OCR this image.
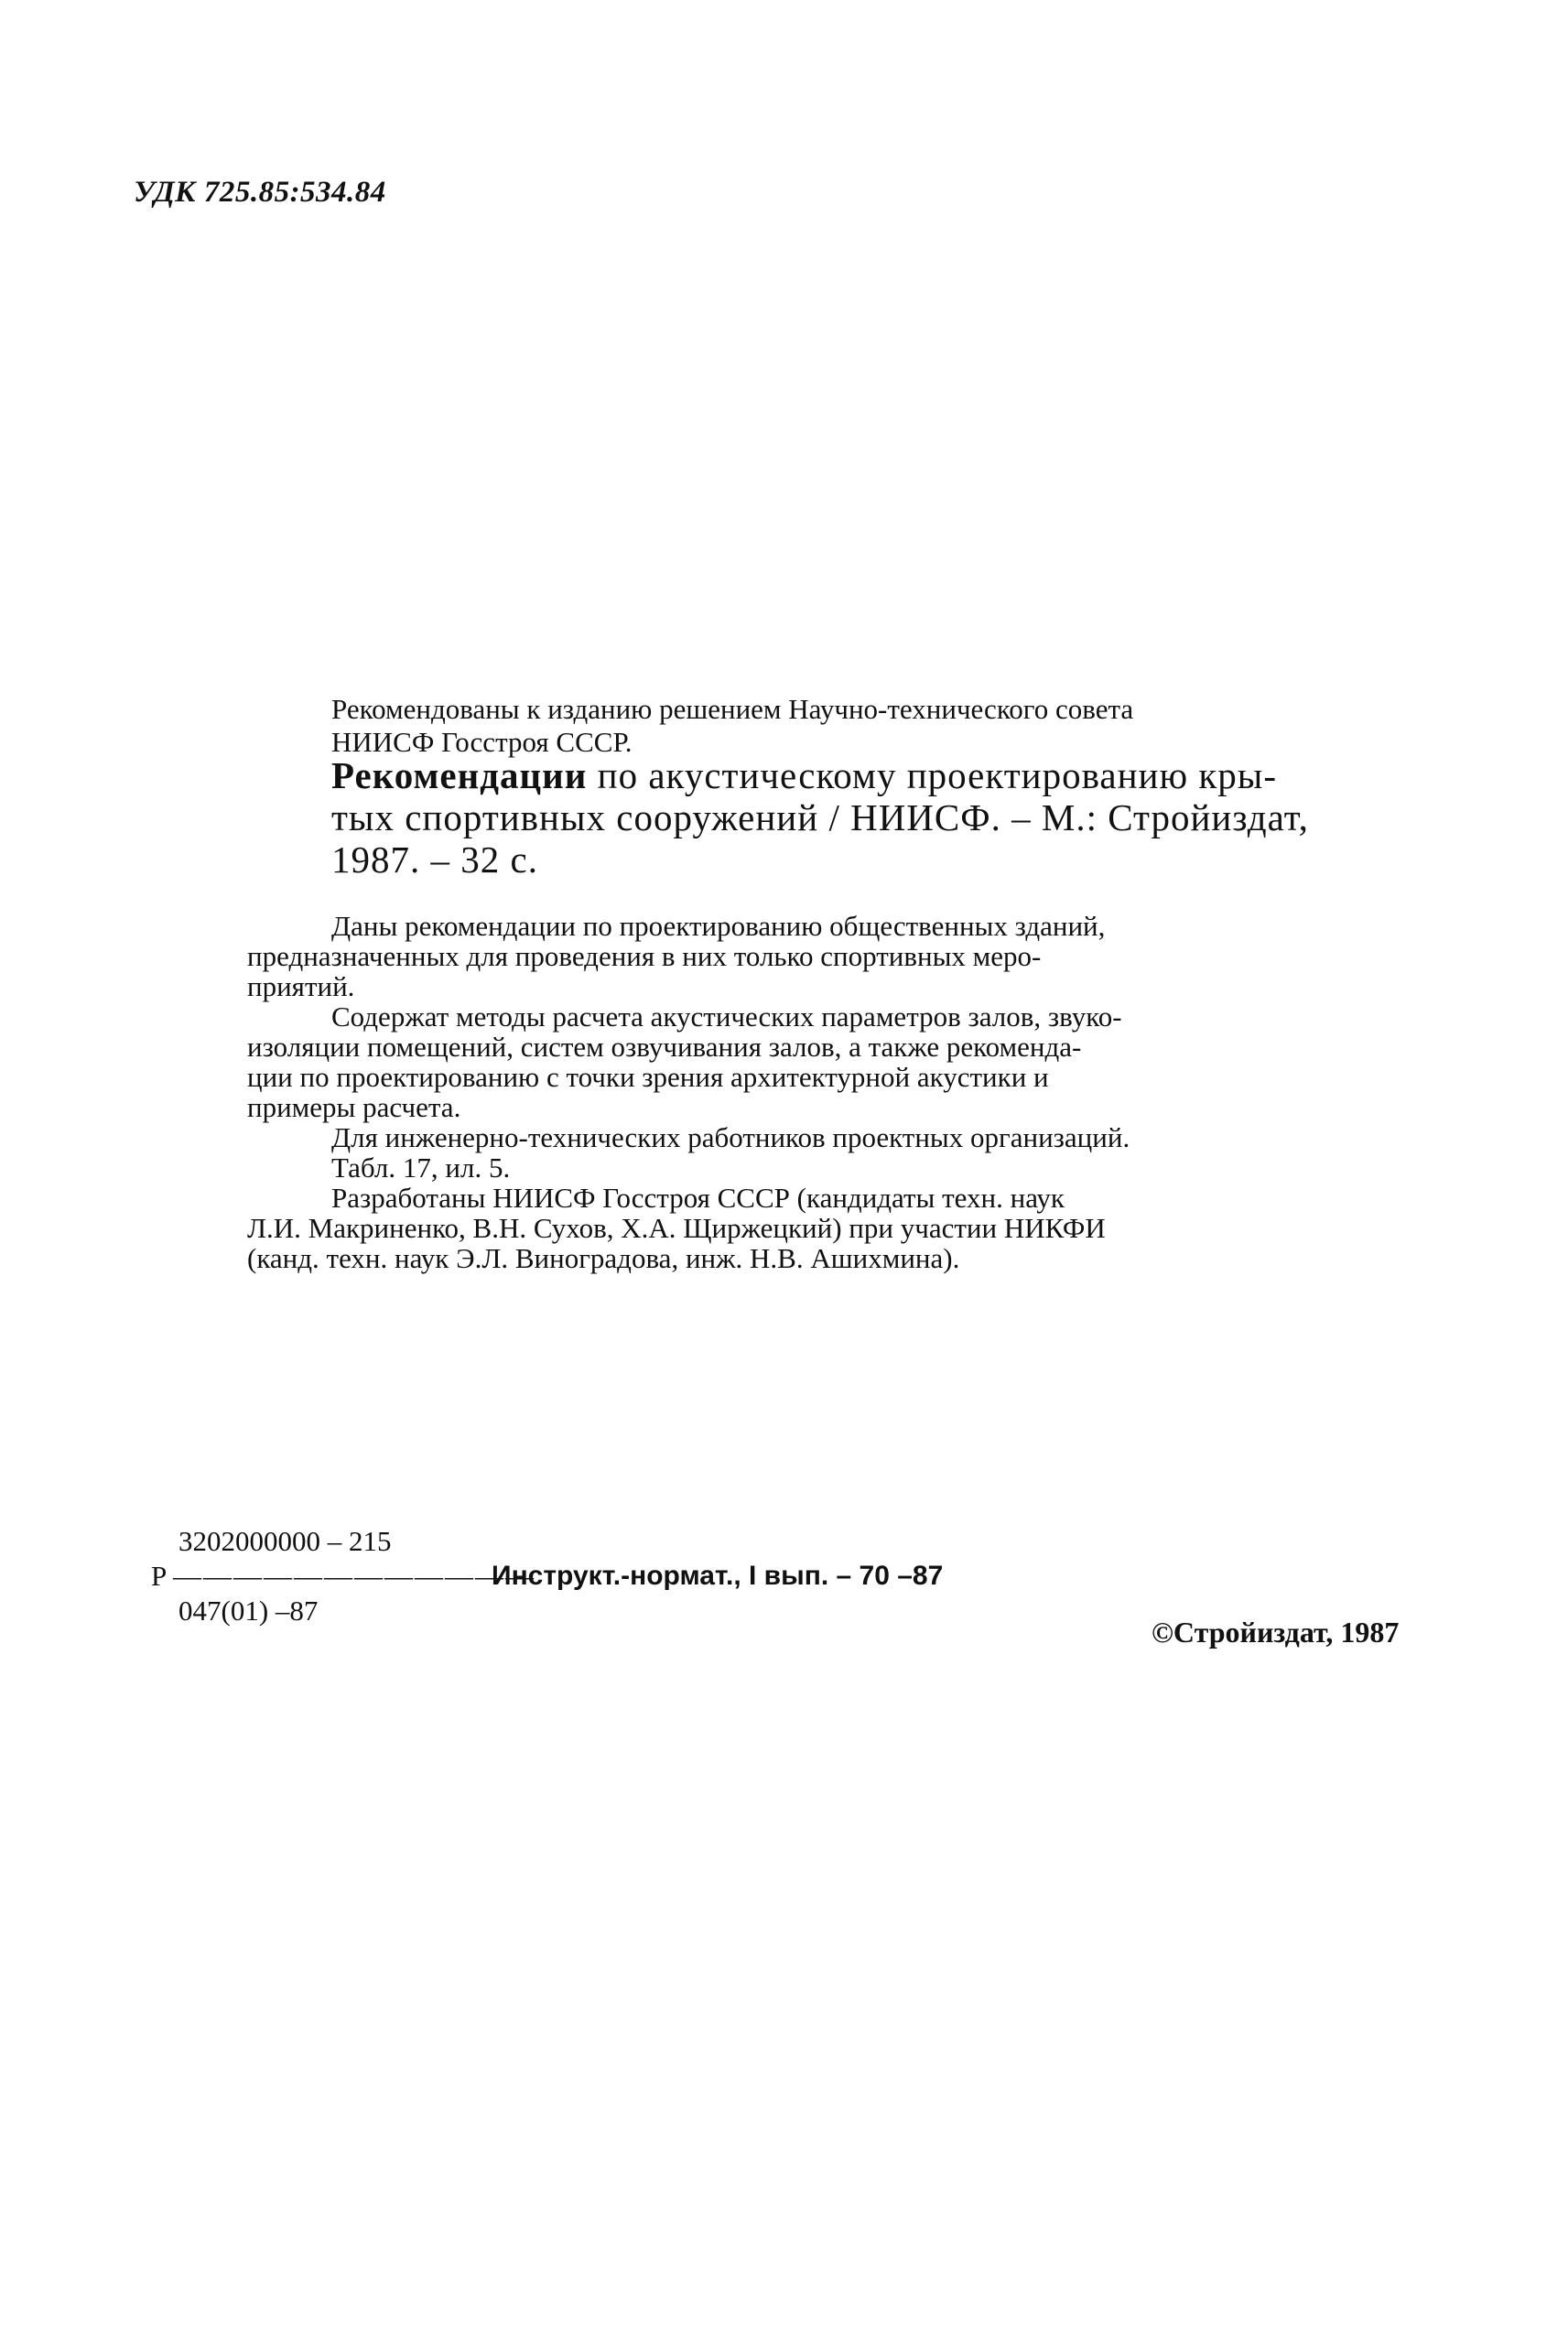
УДК 725.85:534.84
Рекомендованы к изданию решением Научно-технического совета
НИИСФ Госстроя СССР.
Рекомендации по акустическому проектированию кры-
тых спортивных сооружений / НИИСФ. – М.: Стройиздат,
1987. – 32 с.
Даны рекомендации по проектированию общественных зданий,
предназначенных для проведения в них только спортивных меро-
приятий.
Содержат методы расчета акустических параметров залов, звуко-
изоляции помещений, систем озвучивания залов, а также рекоменда-
ции по проектированию с точки зрения архитектурной акустики и
примеры расчета.
Для инженерно-технических работников проектных организаций.
Табл. 17, ил. 5.
Разработаны НИИСФ Госстроя СССР (кандидаты техн. наук
Л.И. Макриненко, В.Н. Сухов, Х.А. Щиржецкий) при участии НИКФИ
(канд. техн. наук Э.Л. Виноградова, инж. Н.В. Ашихмина).
3202000000 – 215
Р ————————————
Инструкт.-нормат., I вып. – 70 –87
047(01) –87
©Стройиздат, 1987
